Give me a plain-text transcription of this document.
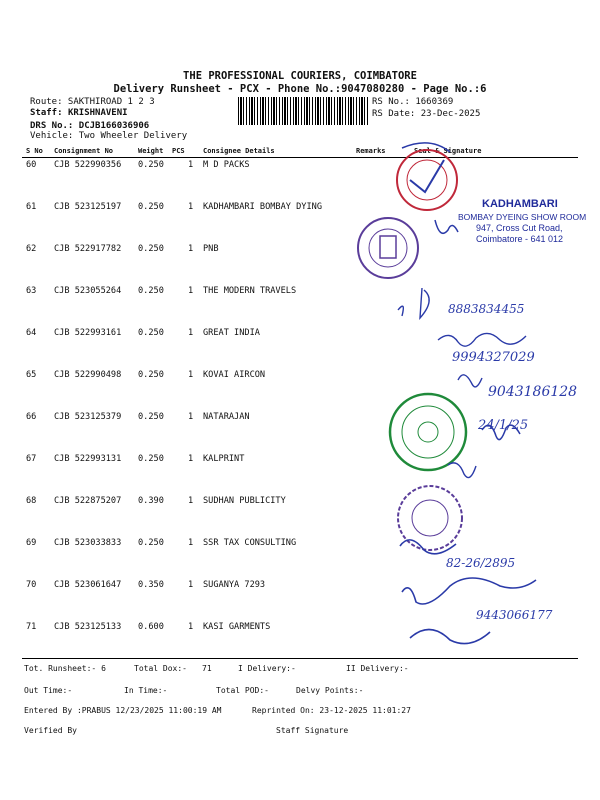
THE PROFESSIONAL COURIERS, COIMBATORE
Delivery Runsheet - PCX - Phone No.:9047080280 - Page No.:6
Route: SAKTHIROAD 1 2 3
Staff: KRISHNAVENI
DRS No.: DCJB166036906
Vehicle: Two Wheeler Delivery
RS No.: 1660369
RS Date: 23-Dec-2025
S No Consignment No	Weight PCS	Consignee Details	Remarks	Seal & Signature
60 CJB 522990356 0.250	1 M D PACKS
61 CJB 523125197 0.250	1 KADHAMBARI BOMBAY DYING
62 CJB 522917782 0.250	1 PNB
63 CJB 523055264 0.250	1 THE MODERN TRAVELS
64 CJB 522993161 0.250	1 GREAT INDIA
65 CJB 522990498 0.250	1 KOVAI AIRCON
66 CJB 523125379 0.250	1 NATARAJAN
67 CJB 522993131 0.250	1 KALPRINT
68 CJB 522875207 0.390	1 SUDHAN PUBLICITY
69 CJB 523033833 0.250	1 SSR TAX CONSULTING
70 CJB 523061647 0.350	1 SUGANYA 7293
71 CJB 523125133 0.600	1 KASI GARMENTS
Tot. Runsheet:- 6	Total Dox:- 71	I Delivery:-	II Delivery:-
Out Time:-	In Time:-	Total POD:-	Delvy Points:-
Entered By :PRABUS 12/23/2025 11:00:19 AM	Reprinted On: 23-12-2025 11:01:27
Verified By	Staff Signature
KADHAMBARI
BOMBAY DYEING SHOW ROOM
947, Cross Cut Road,
Coimbatore - 641 012
8883834455
9994327029
9043186128
24/1/25
82-26/2895
9443066177
